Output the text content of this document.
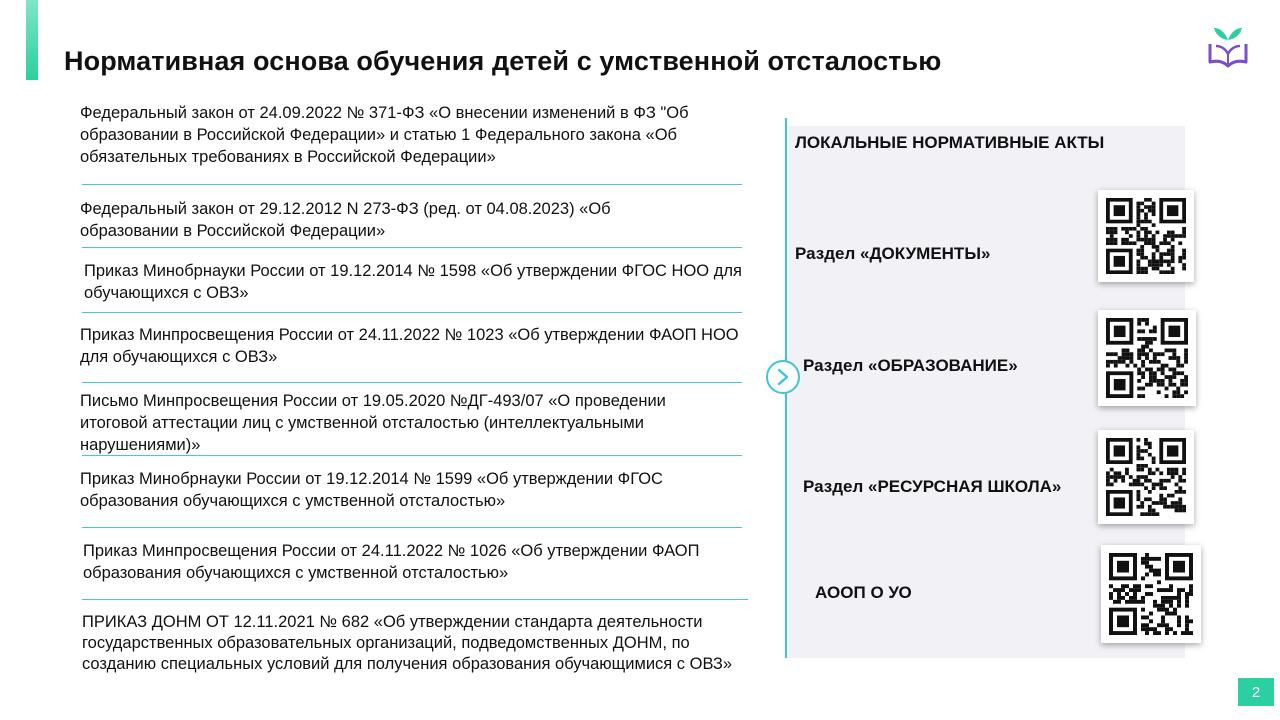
Нормативная основа обучения детей с умственной отсталостью
Федеральный закон от 24.09.2022 № 371-ФЗ «О внесении изменений в ФЗ "Об образовании в Российской Федерации» и статью 1 Федерального закона «Об обязательных требованиях в Российской Федерации»
Федеральный закон от 29.12.2012 N 273-ФЗ (ред. от 04.08.2023) «Об образовании в Российской Федерации»
Приказ Минобрнауки России от 19.12.2014 № 1598 «Об утверждении ФГОС НОО для обучающихся с ОВЗ»
Приказ Минпросвещения России от 24.11.2022 № 1023 «Об утверждении ФАОП НОО для обучающихся с ОВЗ»
Письмо Минпросвещения России от 19.05.2020 №ДГ-493/07 «О проведении итоговой аттестации лиц с умственной отсталостью (интеллектуальными нарушениями)»
Приказ Минобрнауки России от 19.12.2014 № 1599 «Об утверждении ФГОС образования обучающихся с умственной отсталостью»
Приказ Минпросвещения России от 24.11.2022 № 1026 «Об утверждении ФАОП образования обучающихся с умственной отсталостью»
ПРИКАЗ ДОНМ ОТ 12.11.2021 № 682 «Об утверждении стандарта деятельности государственных образовательных организаций, подведомственных ДОНМ, по созданию специальных условий для получения образования обучающимися с ОВЗ»
ЛОКАЛЬНЫЕ НОРМАТИВНЫЕ АКТЫ
Раздел «ДОКУМЕНТЫ»
Раздел «ОБРАЗОВАНИЕ»
Раздел «РЕСУРСНАЯ ШКОЛА»
АООП О УО
2
